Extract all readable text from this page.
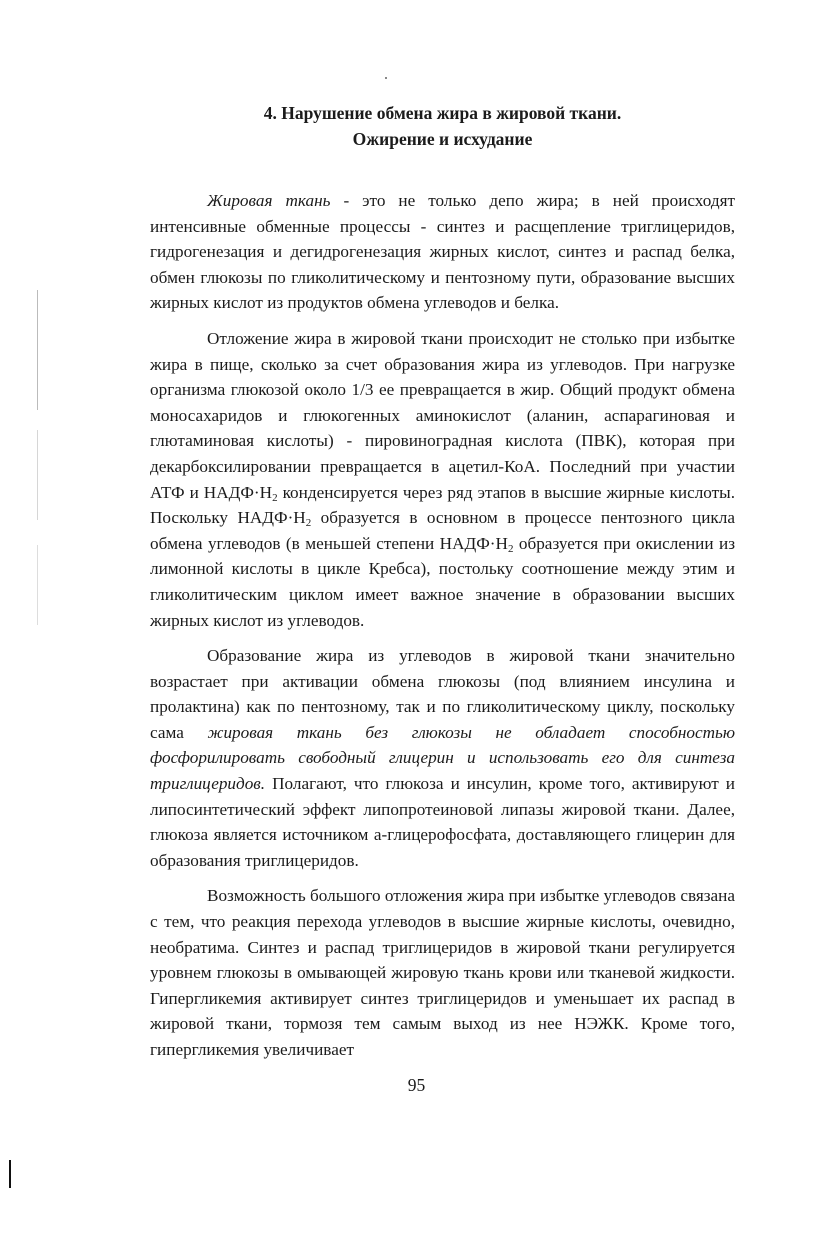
4. Нарушение обмена жира в жировой ткани.
Ожирение и исхудание

Жировая ткань - это не только депо жира; в ней происходят интенсивные обменные процессы - синтез и расщепление триглицеридов, гидрогенезация и дегидрогенезация жирных кислот, синтез и распад белка, обмен глюкозы по гликолитическому и пентозному пути, образование высших жирных кислот из продуктов обмена углеводов и белка.

Отложение жира в жировой ткани происходит не столько при избытке жира в пище, сколько за счет образования жира из углеводов. При нагрузке организма глюкозой около 1/3 ее превращается в жир. Общий продукт обмена моносахаридов и глюкогенных аминокислот (аланин, аспарагиновая и глютаминовая кислоты) - пировиноградная кислота (ПВК), которая при декарбоксилировании превращается в ацетил-КоА. Последний при участии АТФ и $НАДФ\cdot Н_2$ конденсируется через ряд этапов в высшие жирные кислоты. Поскольку $НАДФ\cdot Н_2$ образуется в основном в процессе пентозного цикла обмена углеводов (в меньшей степени $НАДФ\cdot Н_2$ образуется при окислении из лимонной кислоты в цикле Кребса), постольку соотношение между этим и гликолитическим циклом имеет важное значение в образовании высших жирных кислот из углеводов.

Образование жира из углеводов в жировой ткани значительно возрастает при активации обмена глюкозы (под влиянием инсулина и пролактина) как по пентозному, так и по гликолитическому циклу, поскольку сама жировая ткань без глюкозы не обладает способностью фосфорилировать свободный глицерин и использовать его для синтеза триглицеридов. Полагают, что глюкоза и инсулин, кроме того, активируют и липосинтетический эффект липопротеиновой липазы жировой ткани. Далее, глюкоза является источником а-глицерофосфата, доставляющего глицерин для образования триглицеридов.

Возможность большого отложения жира при избытке углеводов связана с тем, что реакция перехода углеводов в высшие жирные кислоты, очевидно, необратима. Синтез и распад триглицеридов в жировой ткани регулируется уровнем глюкозы в омывающей жировую ткань крови или тканевой жидкости. Гипергликемия активирует синтез триглицеридов и уменьшает их распад в жировой ткани, тормозя тем самым выход из нее НЭЖК. Кроме того, гипергликемия увеличивает

95
